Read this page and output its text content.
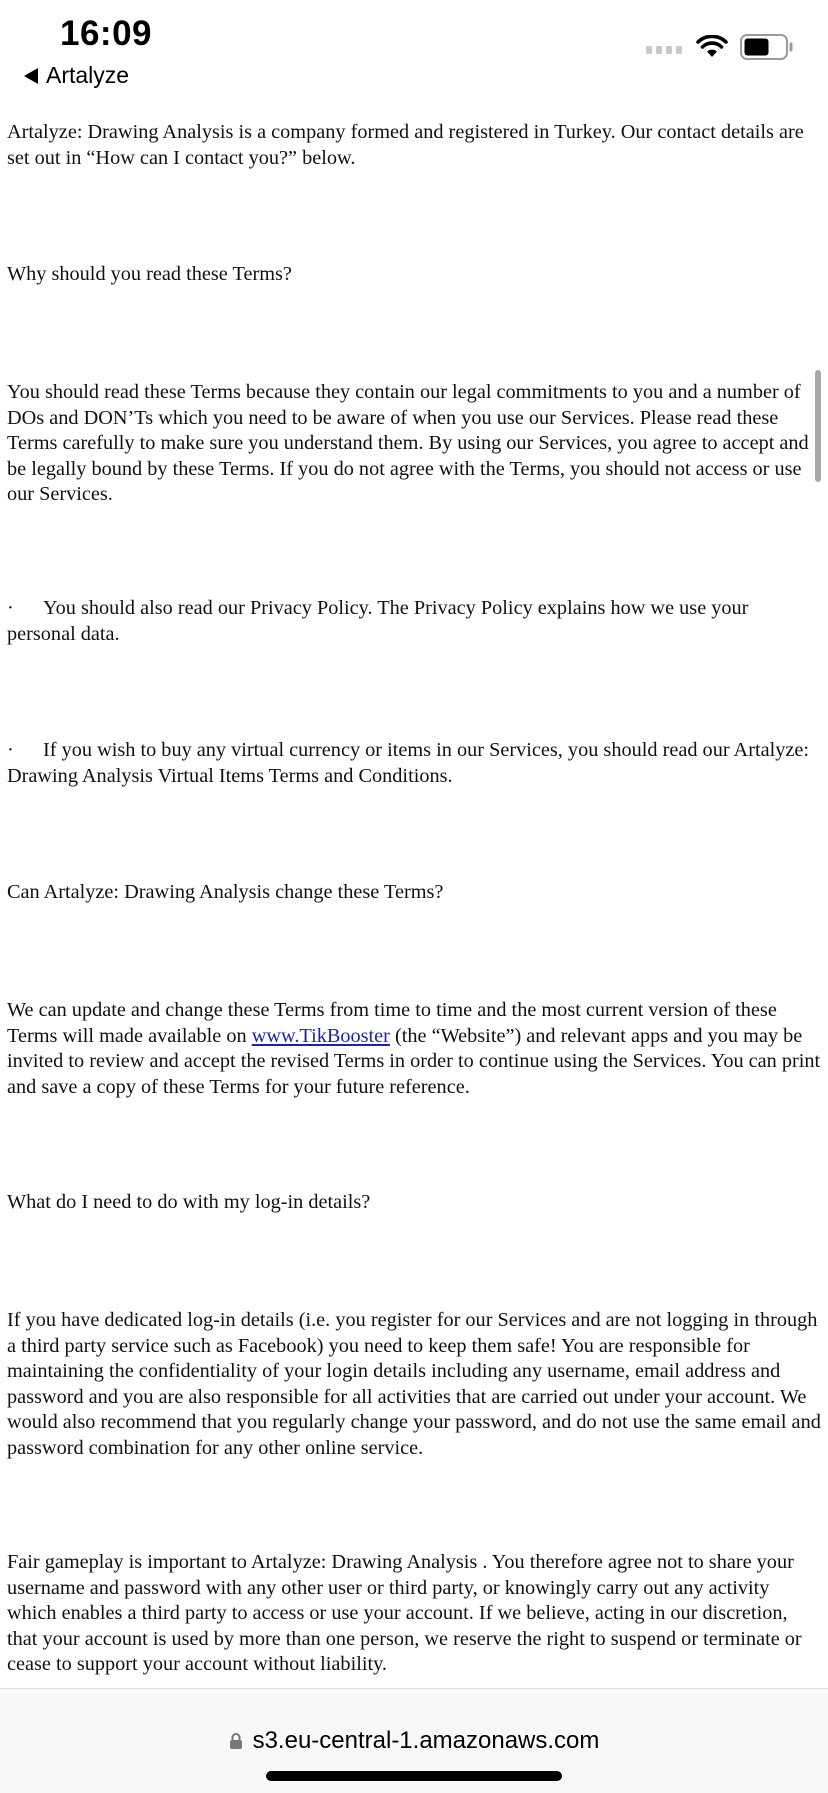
16:09
Artalyze

Artalyze: Drawing Analysis is a company formed and registered in Turkey. Our contact details are set out in “How can I contact you?” below.

Why should you read these Terms?

You should read these Terms because they contain our legal commitments to you and a number of DOs and DON’Ts which you need to be aware of when you use our Services. Please read these Terms carefully to make sure you understand them. By using our Services, you agree to accept and be legally bound by these Terms. If you do not agree with the Terms, you should not access or use our Services.

· You should also read our Privacy Policy. The Privacy Policy explains how we use your personal data.

· If you wish to buy any virtual currency or items in our Services, you should read our Artalyze: Drawing Analysis Virtual Items Terms and Conditions.

Can Artalyze: Drawing Analysis change these Terms?

We can update and change these Terms from time to time and the most current version of these Terms will made available on www.TikBooster (the “Website”) and relevant apps and you may be invited to review and accept the revised Terms in order to continue using the Services. You can print and save a copy of these Terms for your future reference.

What do I need to do with my log-in details?

If you have dedicated log-in details (i.e. you register for our Services and are not logging in through a third party service such as Facebook) you need to keep them safe! You are responsible for maintaining the confidentiality of your login details including any username, email address and password and you are also responsible for all activities that are carried out under your account. We would also recommend that you regularly change your password, and do not use the same email and password combination for any other online service.

Fair gameplay is important to Artalyze: Drawing Analysis . You therefore agree not to share your username and password with any other user or third party, or knowingly carry out any activity which enables a third party to access or use your account. If we believe, acting in our discretion, that your account is used by more than one person, we reserve the right to suspend or terminate or cease to support your account without liability.

s3.eu-central-1.amazonaws.com
